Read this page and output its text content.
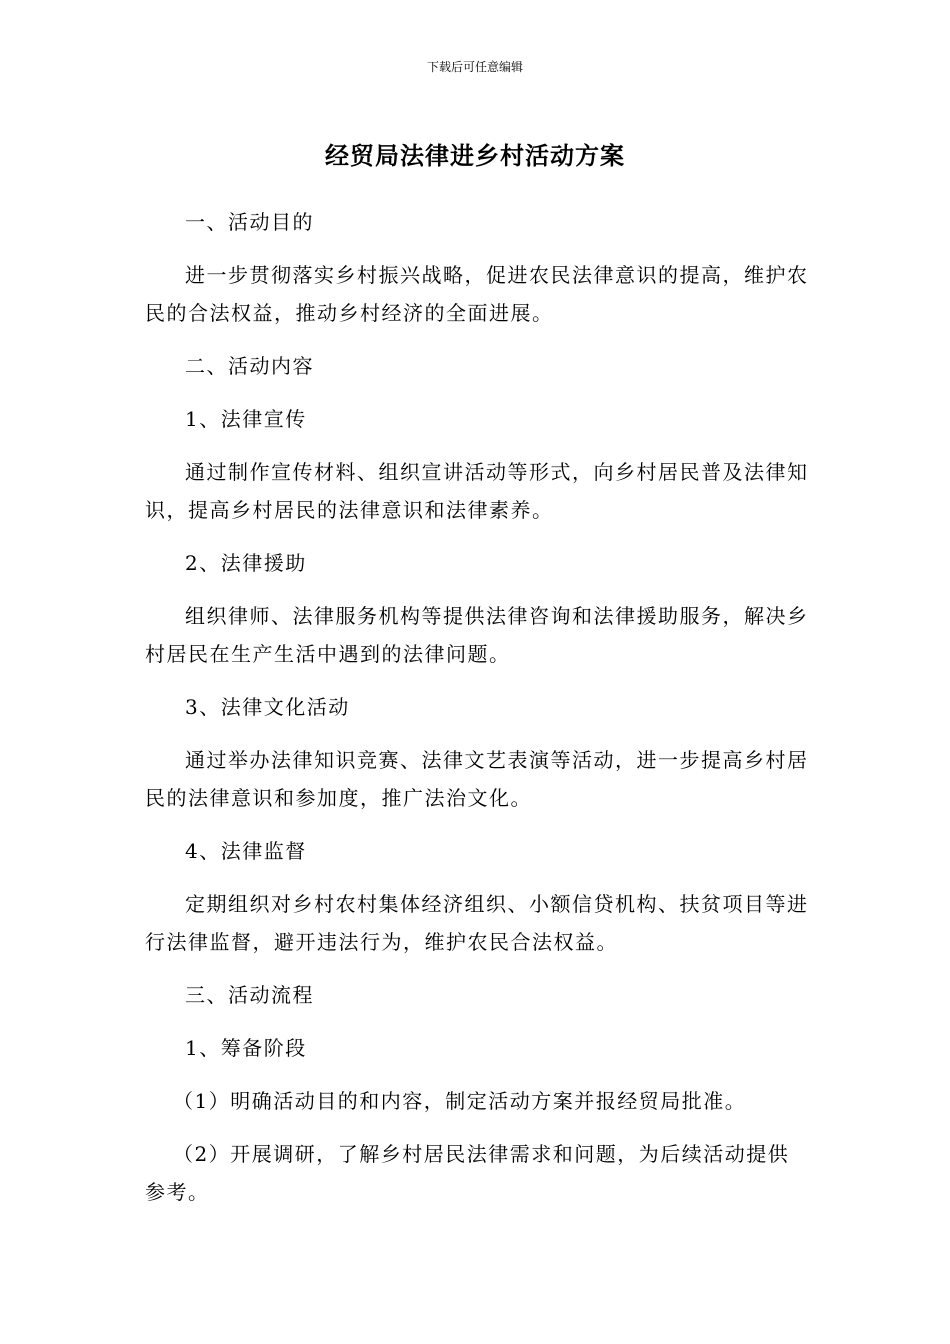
下载后可任意编辑
经贸局法律进乡村活动方案

一、活动目的

进一步贯彻落实乡村振兴战略，促进农民法律意识的提高，维护农民的合法权益，推动乡村经济的全面进展。

二、活动内容

1、法律宣传

通过制作宣传材料、组织宣讲活动等形式，向乡村居民普及法律知识，提高乡村居民的法律意识和法律素养。

2、法律援助

组织律师、法律服务机构等提供法律咨询和法律援助服务，解决乡村居民在生产生活中遇到的法律问题。

3、法律文化活动

通过举办法律知识竞赛、法律文艺表演等活动，进一步提高乡村居民的法律意识和参加度，推广法治文化。

4、法律监督

定期组织对乡村农村集体经济组织、小额信贷机构、扶贫项目等进行法律监督，避开违法行为，维护农民合法权益。

三、活动流程

1、筹备阶段

（1）明确活动目的和内容，制定活动方案并报经贸局批准。

（2）开展调研，了解乡村居民法律需求和问题，为后续活动提供参考。
